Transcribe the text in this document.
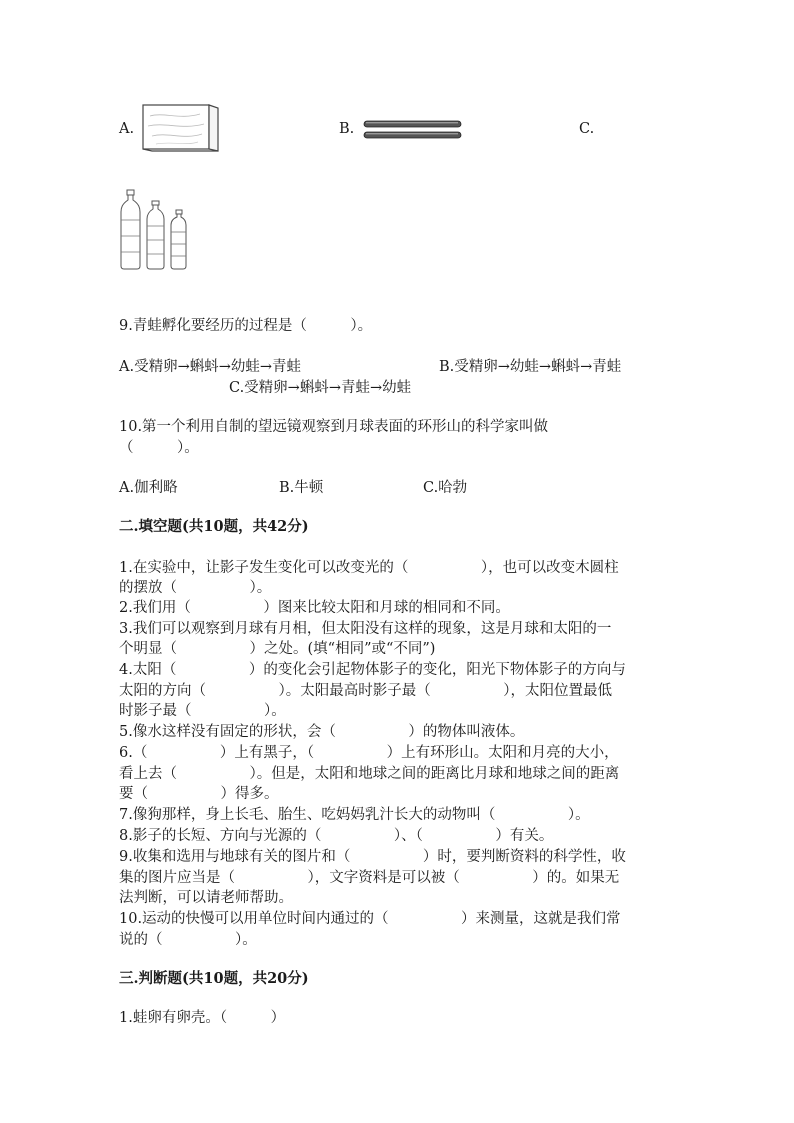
A.	B.	C.
9.青蛙孵化要经历的过程是（　　　）。
A.受精卵→蝌蚪→幼蛙→青蛙	B.受精卵→幼蛙→蝌蚪→青蛙
C.受精卵→蝌蚪→青蛙→幼蛙
10.第一个利用自制的望远镜观察到月球表面的环形山的科学家叫做
（　　　）。
A.伽利略	B.牛顿	C.哈勃
二.填空题(共10题，共42分)
1.在实验中，让影子发生变化可以改变光的（　　　　　），也可以改变木圆柱
的摆放（　　　　　）。
2.我们用（　　　　　）图来比较太阳和月球的相同和不同。
3.我们可以观察到月球有月相，但太阳没有这样的现象，这是月球和太阳的一
个明显（　　　　　）之处。(填“相同”或“不同”)
4.太阳（　　　　　）的变化会引起物体影子的变化，阳光下物体影子的方向与
太阳的方向（　　　　　）。太阳最高时影子最（　　　　　），太阳位置最低
时影子最（　　　　　）。
5.像水这样没有固定的形状，会（　　　　　）的物体叫液体。
6.（　　　　　）上有黑子，（　　　　　）上有环形山。太阳和月亮的大小，
看上去（　　　　　）。但是，太阳和地球之间的距离比月球和地球之间的距离
要（　　　　　）得多。
7.像狗那样，身上长毛、胎生、吃妈妈乳汁长大的动物叫（　　　　　）。
8.影子的长短、方向与光源的（　　　　　）、（　　　　　）有关。
9.收集和选用与地球有关的图片和（　　　　　）时，要判断资料的科学性，收
集的图片应当是（　　　　　），文字资料是可以被（　　　　　）的。如果无
法判断，可以请老师帮助。
10.运动的快慢可以用单位时间内通过的（　　　　　）来测量，这就是我们常
说的（　　　　　）。
三.判断题(共10题，共20分)
1.蛙卵有卵壳。（　　　）
